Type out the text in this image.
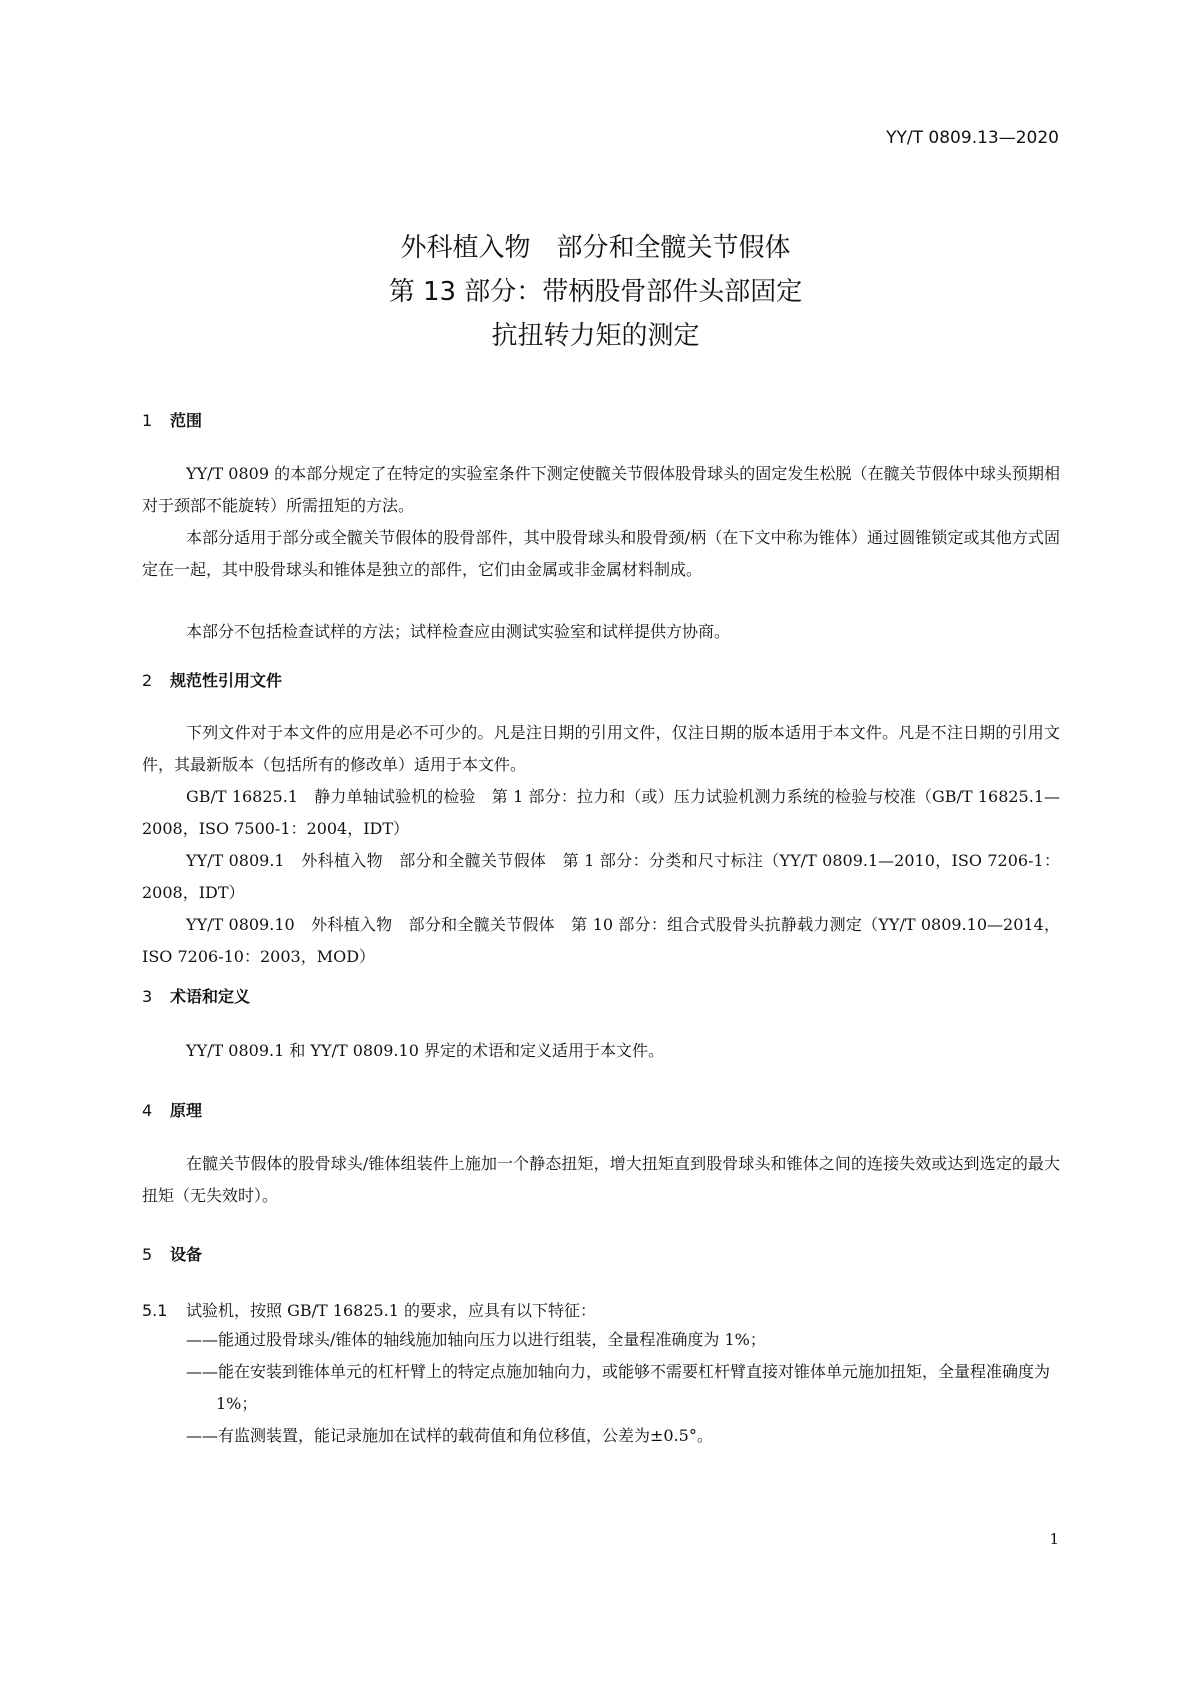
YY/T 0809.13—2020
外科植入物　部分和全髋关节假体
第 13 部分：带柄股骨部件头部固定
抗扭转力矩的测定
1 范围
YY/T 0809 的本部分规定了在特定的实验室条件下测定使髋关节假体股骨球头的固定发生松脱（在髋关节假体中球头预期相对于颈部不能旋转）所需扭矩的方法。
本部分适用于部分或全髋关节假体的股骨部件，其中股骨球头和股骨颈/柄（在下文中称为锥体）通过圆锥锁定或其他方式固定在一起，其中股骨球头和锥体是独立的部件，它们由金属或非金属材料制成。
本部分不包括检查试样的方法；试样检查应由测试实验室和试样提供方协商。
2 规范性引用文件
下列文件对于本文件的应用是必不可少的。凡是注日期的引用文件，仅注日期的版本适用于本文件。凡是不注日期的引用文件，其最新版本（包括所有的修改单）适用于本文件。
GB/T 16825.1　静力单轴试验机的检验　第 1 部分：拉力和（或）压力试验机测力系统的检验与校准（GB/T 16825.1—2008，ISO 7500-1：2004，IDT）
YY/T 0809.1　外科植入物　部分和全髋关节假体　第 1 部分：分类和尺寸标注（YY/T 0809.1—2010，ISO 7206-1：2008，IDT）
YY/T 0809.10　外科植入物　部分和全髋关节假体　第 10 部分：组合式股骨头抗静载力测定（YY/T 0809.10—2014，ISO 7206-10：2003，MOD）
3 术语和定义
YY/T 0809.1 和 YY/T 0809.10 界定的术语和定义适用于本文件。
4 原理
在髋关节假体的股骨球头/锥体组装件上施加一个静态扭矩，增大扭矩直到股骨球头和锥体之间的连接失效或达到选定的最大扭矩（无失效时）。
5 设备
5.1 试验机，按照 GB/T 16825.1 的要求，应具有以下特征：
——能通过股骨球头/锥体的轴线施加轴向压力以进行组装，全量程准确度为 1%；
——能在安装到锥体单元的杠杆臂上的特定点施加轴向力，或能够不需要杠杆臂直接对锥体单元施加扭矩，全量程准确度为 1%；
——有监测装置，能记录施加在试样的载荷值和角位移值，公差为±0.5°。
1
